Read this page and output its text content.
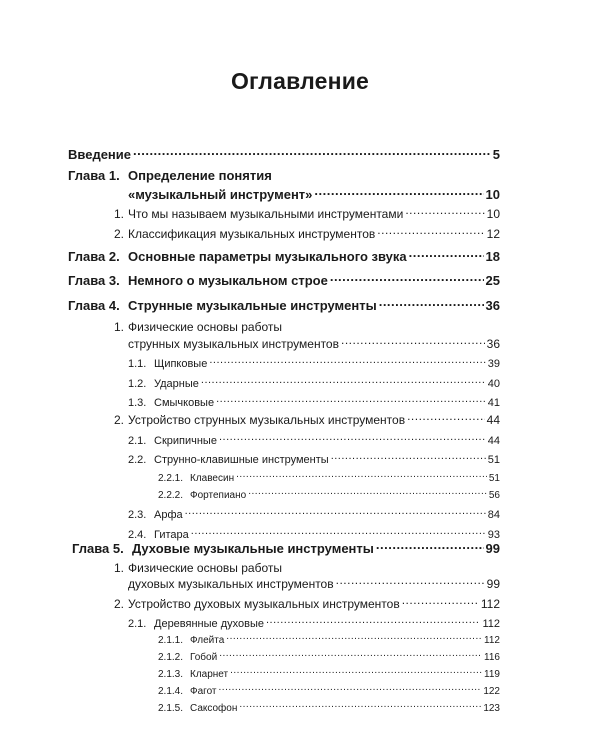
Оглавление
Введение .....	5
Глава 1. Определение понятия
«музыкальный инструмент» .....	10
1. Что мы называем музыкальными инструментами .....	10
2. Классификация музыкальных инструментов .....	12
Глава 2. Основные параметры музыкального звука .....	18
Глава 3. Немного о музыкальном строе .....	25
Глава 4. Струнные музыкальные инструменты .....	36
1. Физические основы работы
струнных музыкальных инструментов .....	36
1.1. Щипковые .....	39
1.2. Ударные .....	40
1.3. Смычковые .....	41
2. Устройство струнных музыкальных инструментов .....	44
2.1. Скрипичные .....	44
2.2. Струнно-клавишные инструменты .....	51
2.2.1. Клавесин .....	51
2.2.2. Фортепиано .....	56
2.3. Арфа .....	84
2.4. Гитара .....	93
Глава 5. Духовые музыкальные инструменты .....	99
1. Физические основы работы
духовых музыкальных инструментов .....	99
2. Устройство духовых музыкальных инструментов .....	112
2.1. Деревянные духовые .....	112
2.1.1. Флейта .....	112
2.1.2. Гобой .....	116
2.1.3. Кларнет .....	119
2.1.4. Фагот .....	122
2.1.5. Саксофон .....	123
